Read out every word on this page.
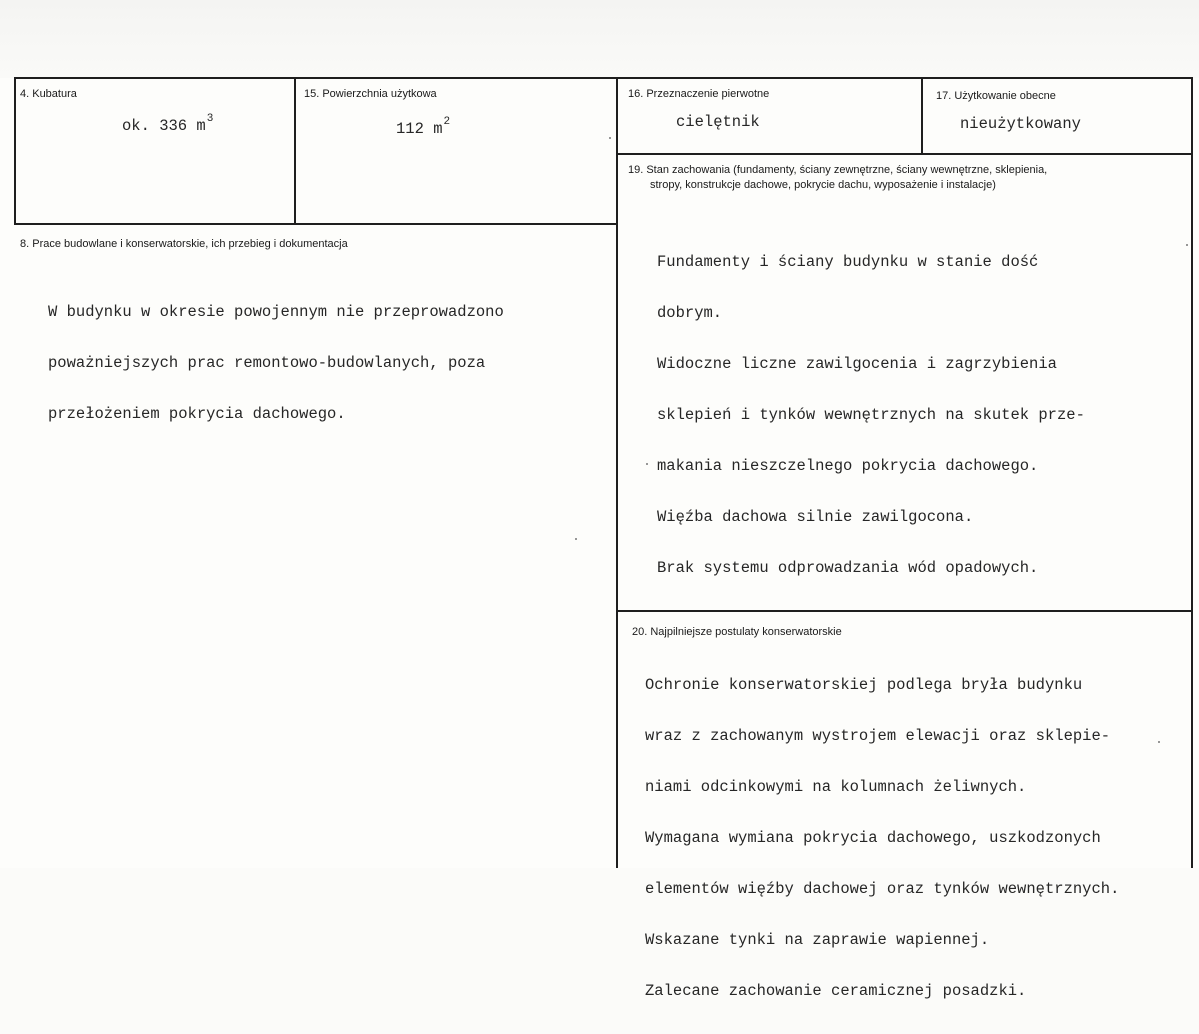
4. Kubatura
ok. 336 $m^3$
15. Powierzchnia użytkowa
112 $m^2$
16. Przeznaczenie pierwotne
cielętnik
17. Użytkowanie obecne
nieużytkowany
19. Stan zachowania (fundamenty, ściany zewnętrzne, ściany wewnętrzne, sklepienia,
stropy, konstrukcje dachowe, pokrycie dachu, wyposażenie i instalacje)

Fundamenty i ściany budynku w stanie dość

dobrym.

Widoczne liczne zawilgocenia i zagrzybienia

sklepień i tynków wewnętrznych na skutek prze-

makania nieszczelnego pokrycia dachowego.

Więźba dachowa silnie zawilgocona.

Brak systemu odprowadzania wód opadowych.

8. Prace budowlane i konserwatorskie, ich przebieg i dokumentacja

W budynku w okresie powojennym nie przeprowadzono

poważniejszych prac remontowo-budowlanych, poza

przełożeniem pokrycia dachowego.

20. Najpilniejsze postulaty konserwatorskie

Ochronie konserwatorskiej podlega bryła budynku

wraz z zachowanym wystrojem elewacji oraz sklepie-

niami odcinkowymi na kolumnach żeliwnych.

Wymagana wymiana pokrycia dachowego, uszkodzonych

elementów więźby dachowej oraz tynków wewnętrznych.

Wskazane tynki na zaprawie wapiennej.

Zalecane zachowanie ceramicznej posadzki.
